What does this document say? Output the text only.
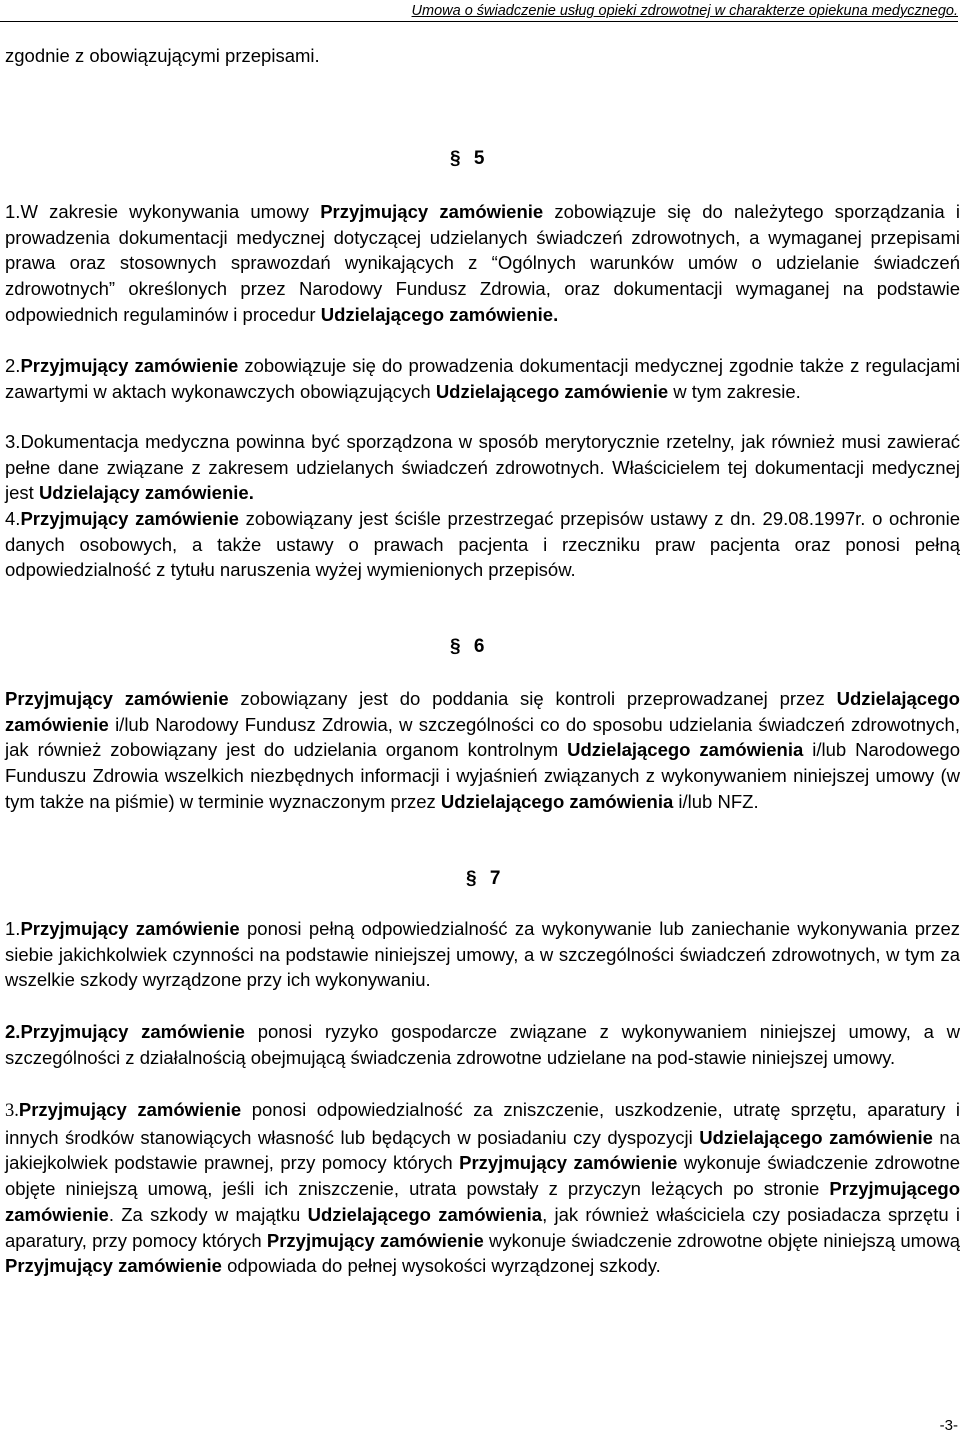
Umowa o świadczenie usług opieki zdrowotnej w charakterze opiekuna medycznego.

zgodnie z obowiązującymi przepisami.

§ 5

1.W zakresie wykonywania umowy Przyjmujący zamówienie zobowiązuje się do należytego sporządzania i prowadzenia dokumentacji medycznej dotyczącej udzielanych świadczeń zdrowotnych, a wymaganej przepisami prawa oraz stosownych sprawozdań wynikających z “Ogólnych warunków umów o udzielanie świadczeń zdrowotnych” określonych przez Narodowy Fundusz Zdrowia, oraz dokumentacji wymaganej na podstawie odpowiednich regulaminów i procedur Udzielającego zamówienie.

2.Przyjmujący zamówienie zobowiązuje się do prowadzenia dokumentacji medycznej zgodnie także z regulacjami zawartymi w aktach wykonawczych obowiązujących Udzielającego zamówienie w tym zakresie.

3.Dokumentacja medyczna powinna być sporządzona w sposób merytorycznie rzetelny, jak również musi zawierać pełne dane związane z zakresem udzielanych świadczeń zdrowotnych. Właścicielem tej dokumentacji medycznej jest Udzielający zamówienie.

4.Przyjmujący zamówienie zobowiązany jest ściśle przestrzegać przepisów ustawy z dn. 29.08.1997r. o ochronie danych osobowych, a także ustawy o prawach pacjenta i rzeczniku praw pacjenta oraz ponosi pełną odpowiedzialność z tytułu naruszenia wyżej wymienionych przepisów.

§ 6

Przyjmujący zamówienie zobowiązany jest do poddania się kontroli przeprowadzanej przez Udzielającego zamówienie i/lub Narodowy Fundusz Zdrowia, w szczególności co do sposobu udzielania świadczeń zdrowotnych, jak również zobowiązany jest do udzielania organom kontrolnym Udzielającego zamówienia i/lub Narodowego Funduszu Zdrowia wszelkich niezbędnych informacji i wyjaśnień związanych z wykonywaniem niniejszej umowy (w tym także na piśmie) w terminie wyznaczonym przez Udzielającego zamówienia i/lub NFZ.

§ 7

1.Przyjmujący zamówienie ponosi pełną odpowiedzialność za wykonywanie lub zaniechanie wykonywania przez siebie jakichkolwiek czynności na podstawie niniejszej umowy, a w szczególności świadczeń zdrowotnych, w tym za wszelkie szkody wyrządzone przy ich wykonywaniu.

2.Przyjmujący zamówienie ponosi ryzyko gospodarcze związane z wykonywaniem niniejszej umowy, a w szczególności z działalnością obejmującą świadczenia zdrowotne udzielane na pod-stawie niniejszej umowy.

3.Przyjmujący zamówienie ponosi odpowiedzialność za zniszczenie, uszkodzenie, utratę sprzętu, aparatury i innych środków stanowiących własność lub będących w posiadaniu czy dyspozycji Udzielającego zamówienie na jakiejkolwiek podstawie prawnej, przy pomocy których Przyjmujący zamówienie wykonuje świadczenie zdrowotne objęte niniejszą umową, jeśli ich zniszczenie, utrata powstały z przyczyn leżących po stronie Przyjmującego zamówienie. Za szkody w majątku Udzielającego zamówienia, jak również właściciela czy posiadacza sprzętu i aparatury, przy pomocy których Przyjmujący zamówienie wykonuje świadczenie zdrowotne objęte niniejszą umową Przyjmujący zamówienie odpowiada do pełnej wysokości wyrządzonej szkody.

-3-
